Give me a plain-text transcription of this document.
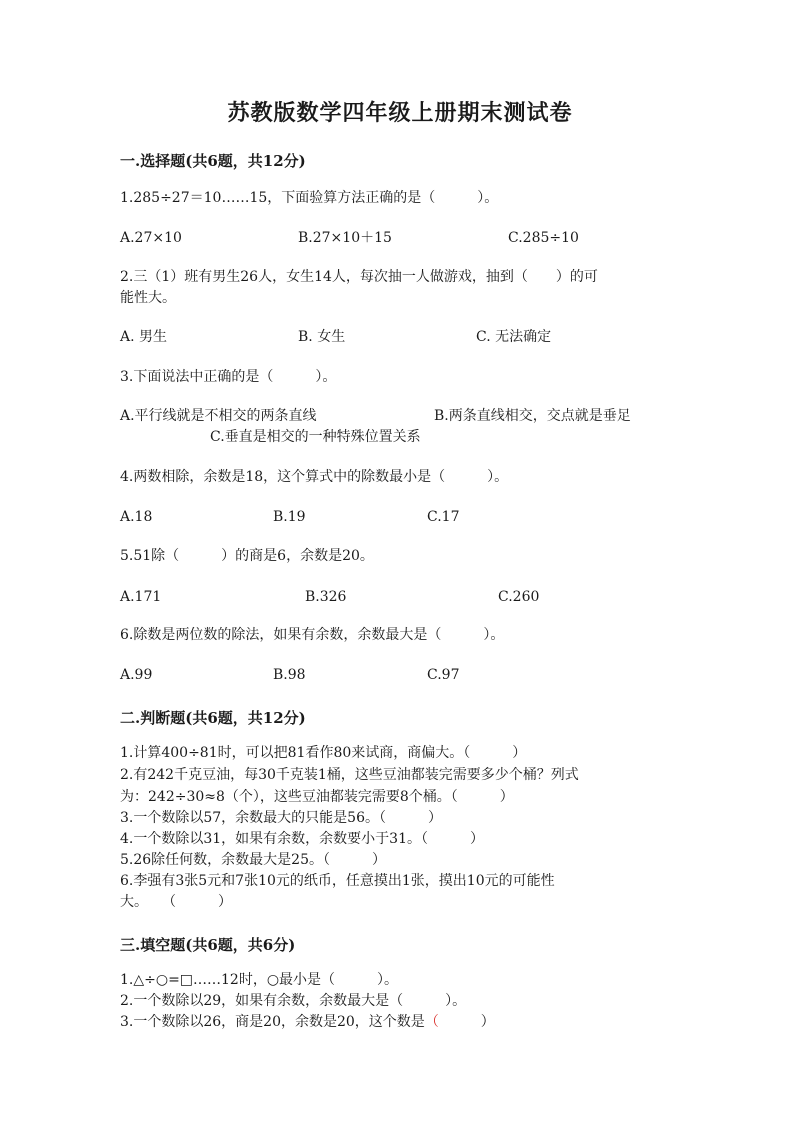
苏教版数学四年级上册期末测试卷

一.选择题(共6题，共12分)

1.285÷27＝10……15，下面验算方法正确的是（　　　）。

A.27×10	B.27×10＋15	C.285÷10

2.三（1）班有男生26人，女生14人，每次抽一人做游戏，抽到（　　）的可

能性大。

A. 男生	B. 女生	C. 无法确定

3.下面说法中正确的是（　　　）。

A.平行线就是不相交的两条直线	B.两条直线相交，交点就是垂足
C.垂直是相交的一种特殊位置关系

4.两数相除，余数是18，这个算式中的除数最小是（　　　）。

A.18	B.19	C.17

5.51除（　　　）的商是6，余数是20。

A.171	B.326	C.260

6.除数是两位数的除法，如果有余数，余数最大是（　　　）。

A.99	B.98	C.97

二.判断题(共6题，共12分)

1.计算400÷81时，可以把81看作80来试商，商偏大。（　　　）

2.有242千克豆油，每30千克装1桶，这些豆油都装完需要多少个桶？列式

为：242÷30≈8（个），这些豆油都装完需要8个桶。（　　　）

3.一个数除以57，余数最大的只能是56。（　　　）

4.一个数除以31，如果有余数，余数要小于31。（　　　）

5.26除任何数，余数最大是25。（　　　）

6.李强有3张5元和7张10元的纸币，任意摸出1张，摸出10元的可能性

大。　　（　　　）

三.填空题(共6题，共6分)

1.△÷○=□……12时，○最小是（　　　）。

2.一个数除以29，如果有余数，余数最大是（　　　）。

3.一个数除以26，商是20，余数是20，这个数是（　　　）
